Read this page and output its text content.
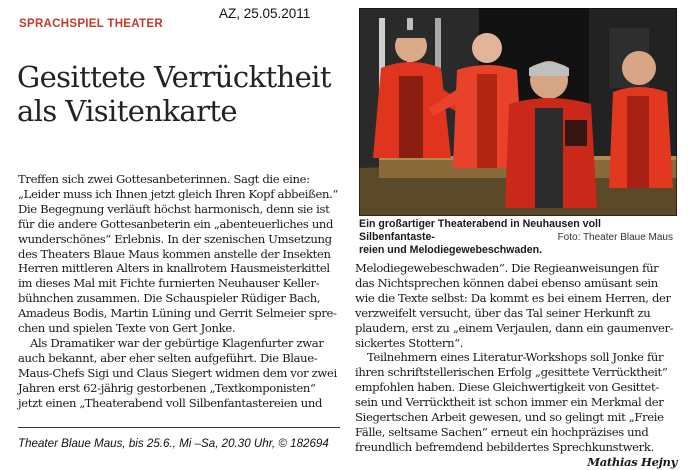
SPRACHSPIEL THEATER
AZ, 25.05.2011
Gesittete Verrücktheit
als Visitenkarte
Ein großartiger Theaterabend in Neuhausen voll Silbenfantaste-
reien und Melodiegewebeschwaden.
Foto: Theater Blaue Maus
Treffen sich zwei Gottesanbeterinnen. Sagt die eine:
„Leider muss ich Ihnen jetzt gleich Ihren Kopf abbeißen.“
Die Begegnung verläuft höchst harmonisch, denn sie ist
für die andere Gottesanbeterin ein „abenteuerliches und
wunderschönes“ Erlebnis. In der szenischen Umsetzung
des Theaters Blaue Maus kommen anstelle der Insekten
Herren mittleren Alters in knallrotem Hausmeisterkittel
im dieses Mal mit Fichte furnierten Neuhauser Keller-
bühnchen zusammen. Die Schauspieler Rüdiger Bach,
Amadeus Bodis, Martin Lüning und Gerrit Selmeier spre-
chen und spielen Texte von Gert Jonke.
Als Dramatiker war der gebürtige Klagenfurter zwar
auch bekannt, aber eher selten aufgeführt. Die Blaue-
Maus-Chefs Sigi und Claus Siegert widmen dem vor zwei
Jahren erst 62-jährig gestorbenen „Textkomponisten“
jetzt einen „Theaterabend voll Silbenfantastereien und
Melodiegewebeschwaden“. Die Regieanweisungen für
das Nichtsprechen können dabei ebenso amüsant sein
wie die Texte selbst: Da kommt es bei einem Herren, der
verzweifelt versucht, über das Tal seiner Herkunft zu
plaudern, erst zu „einem Verjaulen, dann ein gaumenver-
sickertes Stottern“.
Teilnehmern eines Literatur-Workshops soll Jonke für
ihren schriftstellerischen Erfolg „gesittete Verrücktheit“
empfohlen haben. Diese Gleichwertigkeit von Gesittet-
sein und Verrücktheit ist schon immer ein Merkmal der
Siegertschen Arbeit gewesen, und so gelingt mit „Freie
Fälle, seltsame Sachen“ erneut ein hochpräzises und
freundlich befremdend bebildertes Sprechkunstwerk.
Mathias Hejny
Theater Blaue Maus, bis 25.6., Mi –Sa, 20.30 Uhr, © 182694
